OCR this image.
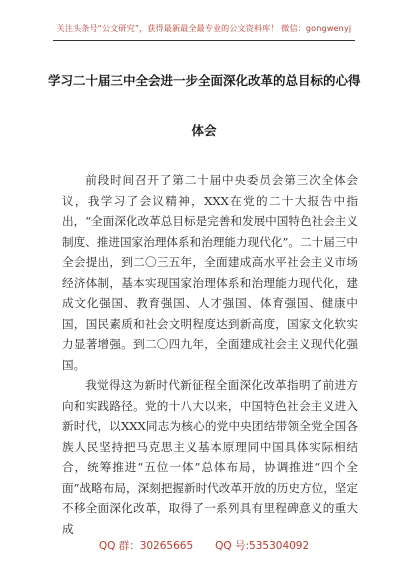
关注头条号“公文研究”，获得最新最全最专业的公文资料库！ 微信：gongwenyj
学习二十届三中全会进一步全面深化改革的总目标的心得
体会

前段时间召开了第二十届中央委员会第三次全体会议，我学习了会议精神，XXX在党的二十大报告中指出，“全面深化改革总目标是完善和发展中国特色社会主义制度、推进国家治理体系和治理能力现代化”。二十届三中全会提出，到二〇三五年，全面建成高水平社会主义市场经济体制，基本实现国家治理体系和治理能力现代化，建成文化强国、教育强国、人才强国、体育强国、健康中国，国民素质和社会文明程度达到新高度，国家文化软实力显著增强。到二〇四九年，全面建成社会主义现代化强国。

我觉得这为新时代新征程全面深化改革指明了前进方向和实践路径。党的十八大以来，中国特色社会主义进入新时代，以XXX同志为核心的党中央团结带领全党全国各族人民坚持把马克思主义基本原理同中国具体实际相结合，统筹推进“五位一体”总体布局，协调推进“四个全面”战略布局，深刻把握新时代改革开放的历史方位，坚定不移全面深化改革，取得了一系列具有里程碑意义的重大成

QQ 群：30265665 QQ 号:535304092
